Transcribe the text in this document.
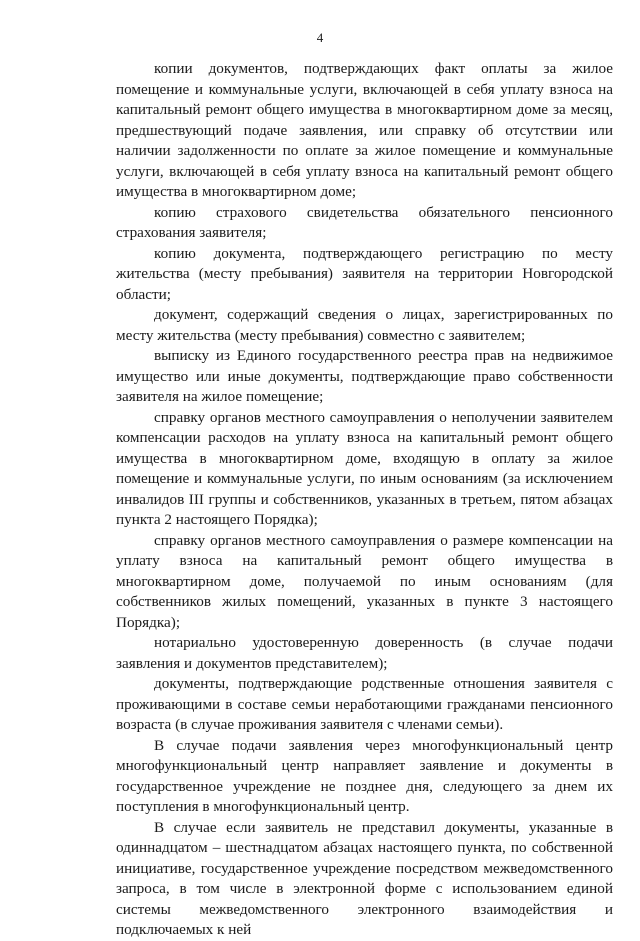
4

копии документов, подтверждающих факт оплаты за жилое помещение и коммунальные услуги, включающей в себя уплату взноса на капитальный ремонт общего имущества в многоквартирном доме за месяц, предшествующий подаче заявления, или справку об отсутствии или наличии задолженности по оплате за жилое помещение и коммунальные услуги, включающей в себя уплату взноса на капитальный ремонт общего имущества в многоквартирном доме;

копию страхового свидетельства обязательного пенсионного страхования заявителя;

копию документа, подтверждающего регистрацию по месту жительства (месту пребывания) заявителя на территории Новгородской области;

документ, содержащий сведения о лицах, зарегистрированных по месту жительства (месту пребывания) совместно с заявителем;

выписку из Единого государственного реестра прав на недвижимое имущество или иные документы, подтверждающие право собственности заявителя на жилое помещение;

справку органов местного самоуправления о неполучении заявителем компенсации расходов на уплату взноса на капитальный ремонт общего имущества в многоквартирном доме, входящую в оплату за жилое помещение и коммунальные услуги, по иным основаниям (за исключением инвалидов III группы и собственников, указанных в третьем, пятом абзацах пункта 2 настоящего Порядка);

справку органов местного самоуправления о размере компенсации на уплату взноса на капитальный ремонт общего имущества в многоквартирном доме, получаемой по иным основаниям (для собственников жилых помещений, указанных в пункте 3 настоящего Порядка);

нотариально удостоверенную доверенность (в случае подачи заявления и документов представителем);

документы, подтверждающие родственные отношения заявителя с проживающими в составе семьи неработающими гражданами пенсионного возраста (в случае проживания заявителя с членами семьи).

В случае подачи заявления через многофункциональный центр многофункциональный центр направляет заявление и документы в государственное учреждение не позднее дня, следующего за днем их поступления в многофункциональный центр.

В случае если заявитель не представил документы, указанные в одиннадцатом – шестнадцатом абзацах настоящего пункта, по собственной инициативе, государственное учреждение посредством межведомственного запроса, в том числе в электронной форме с использованием единой системы межведомственного электронного взаимодействия и подключаемых к ней
